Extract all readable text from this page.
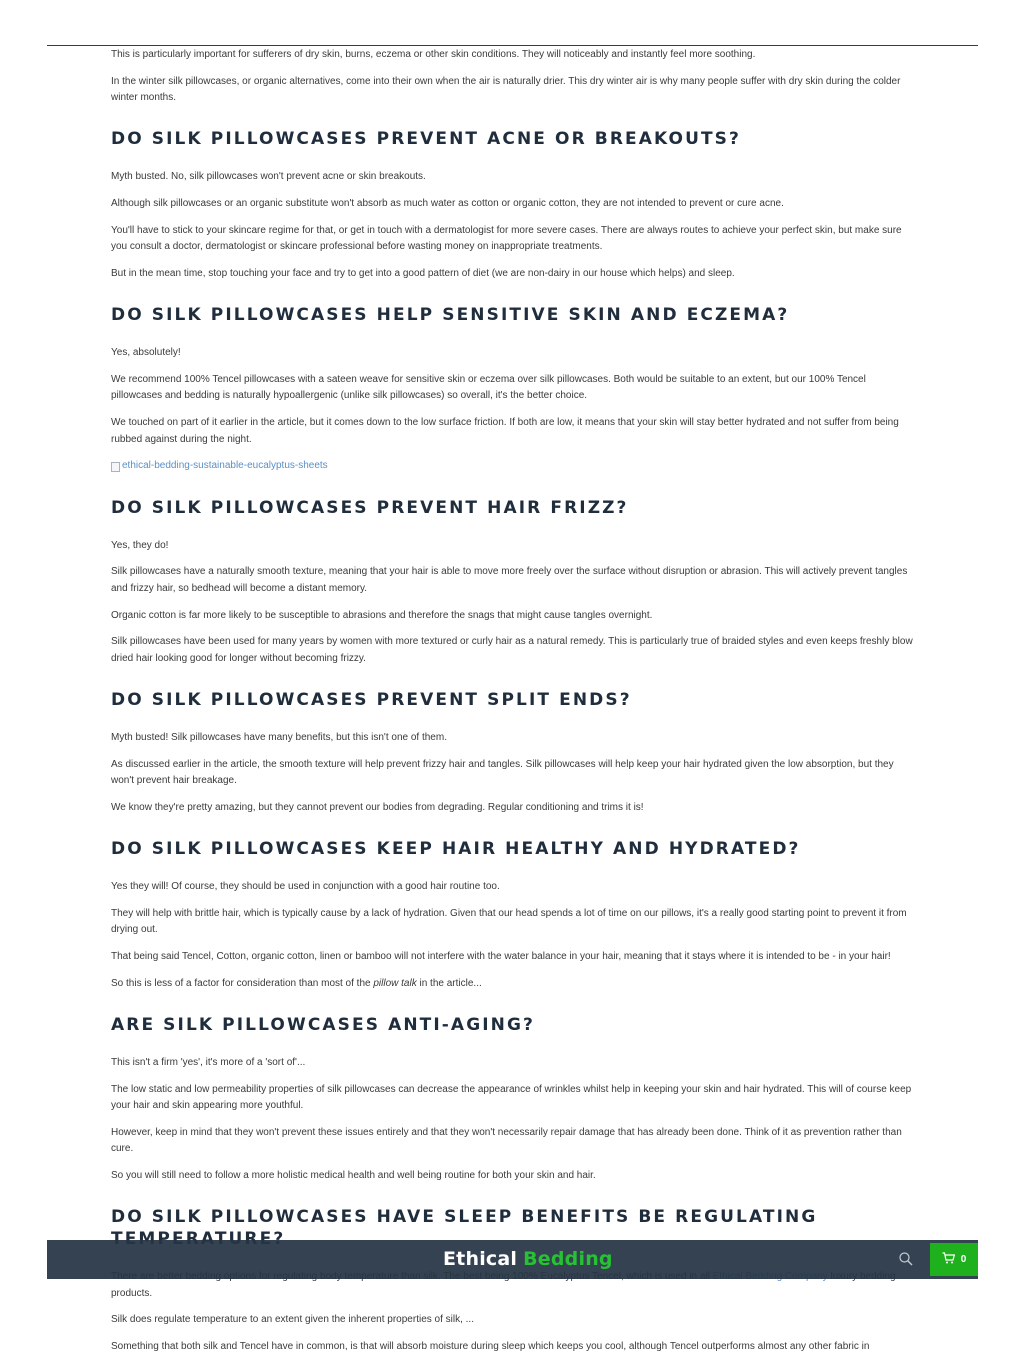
This is particularly important for sufferers of dry skin, burns, eczema or other skin conditions. They will noticeably and instantly feel more soothing.

In the winter silk pillowcases, or organic alternatives, come into their own when the air is naturally drier. This dry winter air is why many people suffer with dry skin during the colder winter months.

DO SILK PILLOWCASES PREVENT ACNE OR BREAKOUTS?

Myth busted. No, silk pillowcases won't prevent acne or skin breakouts.

Although silk pillowcases or an organic substitute won't absorb as much water as cotton or organic cotton, they are not intended to prevent or cure acne.

You'll have to stick to your skincare regime for that, or get in touch with a dermatologist for more severe cases. There are always routes to achieve your perfect skin, but make sure you consult a doctor, dermatologist or skincare professional before wasting money on inappropriate treatments.

But in the mean time, stop touching your face and try to get into a good pattern of diet (we are non-dairy in our house which helps) and sleep.

DO SILK PILLOWCASES HELP SENSITIVE SKIN AND ECZEMA?

Yes, absolutely!

We recommend 100% Tencel pillowcases with a sateen weave for sensitive skin or eczema over silk pillowcases. Both would be suitable to an extent, but our 100% Tencel pillowcases and bedding is naturally hypoallergenic (unlike silk pillowcases) so overall, it's the better choice.

We touched on part of it earlier in the article, but it comes down to the low surface friction. If both are low, it means that your skin will stay better hydrated and not suffer from being rubbed against during the night.

ethical-bedding-sustainable-eucalyptus-sheets
DO SILK PILLOWCASES PREVENT HAIR FRIZZ?

Yes, they do!

Silk pillowcases have a naturally smooth texture, meaning that your hair is able to move more freely over the surface without disruption or abrasion. This will actively prevent tangles and frizzy hair, so bedhead will become a distant memory.

Organic cotton is far more likely to be susceptible to abrasions and therefore the snags that might cause tangles overnight.

Silk pillowcases have been used for many years by women with more textured or curly hair as a natural remedy. This is particularly true of braided styles and even keeps freshly blow dried hair looking good for longer without becoming frizzy.

DO SILK PILLOWCASES PREVENT SPLIT ENDS?

Myth busted! Silk pillowcases have many benefits, but this isn't one of them.

As discussed earlier in the article, the smooth texture will help prevent frizzy hair and tangles. Silk pillowcases will help keep your hair hydrated given the low absorption, but they won't prevent hair breakage.

We know they're pretty amazing, but they cannot prevent our bodies from degrading. Regular conditioning and trims it is!

DO SILK PILLOWCASES KEEP HAIR HEALTHY AND HYDRATED?

Yes they will! Of course, they should be used in conjunction with a good hair routine too.

They will help with brittle hair, which is typically cause by a lack of hydration. Given that our head spends a lot of time on our pillows, it's a really good starting point to prevent it from drying out.

That being said Tencel, Cotton, organic cotton, linen or bamboo will not interfere with the water balance in your hair, meaning that it stays where it is intended to be - in your hair!

So this is less of a factor for consideration than most of the pillow talk in the article...

ARE SILK PILLOWCASES ANTI-AGING?

This isn't a firm 'yes', it's more of a 'sort of'...

The low static and low permeability properties of silk pillowcases can decrease the appearance of wrinkles whilst help in keeping your skin and hair hydrated. This will of course keep your hair and skin appearing more youthful.

However, keep in mind that they won't prevent these issues entirely and that they won't necessarily repair damage that has already been done. Think of it as prevention rather than cure.

So you will still need to follow a more holistic medical health and well being routine for both your skin and hair.

DO SILK PILLOWCASES HAVE SLEEP BENEFITS BE REGULATING

products.

Silk does regulate temperature to an extent given the inherent properties of silk, ...

Something that both silk and Tencel have in common, is that will absorb moisture during sleep which keeps you cool, although Tencel outperforms almost any other fabric in

Ethical Bedding	0
